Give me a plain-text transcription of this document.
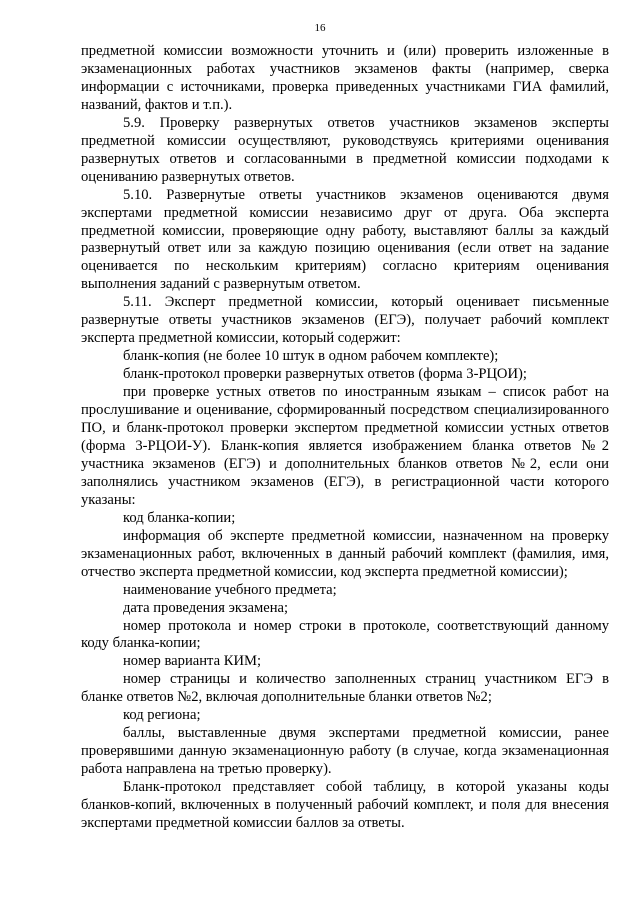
16

предметной комиссии возможности уточнить и (или) проверить изложенные в экзаменационных работах участников экзаменов факты (например, сверка информации с источниками, проверка приведенных участниками ГИА фамилий, названий, фактов и т.п.).

5.9. Проверку развернутых ответов участников экзаменов эксперты предметной комиссии осуществляют, руководствуясь критериями оценивания развернутых ответов и согласованными в предметной комиссии подходами к оцениванию развернутых ответов.

5.10. Развернутые ответы участников экзаменов оцениваются двумя экспертами предметной комиссии независимо друг от друга. Оба эксперта предметной комиссии, проверяющие одну работу, выставляют баллы за каждый развернутый ответ или за каждую позицию оценивания (если ответ на задание оценивается по нескольким критериям) согласно критериям оценивания выполнения заданий с развернутым ответом.

5.11. Эксперт предметной комиссии, который оценивает письменные развернутые ответы участников экзаменов (ЕГЭ), получает рабочий комплект эксперта предметной комиссии, который содержит:

бланк-копия (не более 10 штук в одном рабочем комплекте);

бланк-протокол проверки развернутых ответов (форма 3-РЦОИ);

при проверке устных ответов по иностранным языкам – список работ на прослушивание и оценивание, сформированный посредством специализированного ПО, и бланк-протокол проверки экспертом предметной комиссии устных ответов (форма 3-РЦОИ-У). Бланк-копия является изображением бланка ответов №2 участника экзаменов (ЕГЭ) и дополнительных бланков ответов №2, если они заполнялись участником экзаменов (ЕГЭ), в регистрационной части которого указаны:

код бланка-копии;

информация об эксперте предметной комиссии, назначенном на проверку экзаменационных работ, включенных в данный рабочий комплект (фамилия, имя, отчество эксперта предметной комиссии, код эксперта предметной комиссии);

наименование учебного предмета;

дата проведения экзамена;

номер протокола и номер строки в протоколе, соответствующий данному коду бланка-копии;

номер варианта КИМ;

номер страницы и количество заполненных страниц участником ЕГЭ в бланке ответов №2, включая дополнительные бланки ответов №2;

код региона;

баллы, выставленные двумя экспертами предметной комиссии, ранее проверявшими данную экзаменационную работу (в случае, когда экзаменационная работа направлена на третью проверку).

Бланк-протокол представляет собой таблицу, в которой указаны коды бланков-копий, включенных в полученный рабочий комплект, и поля для внесения экспертами предметной комиссии баллов за ответы.
